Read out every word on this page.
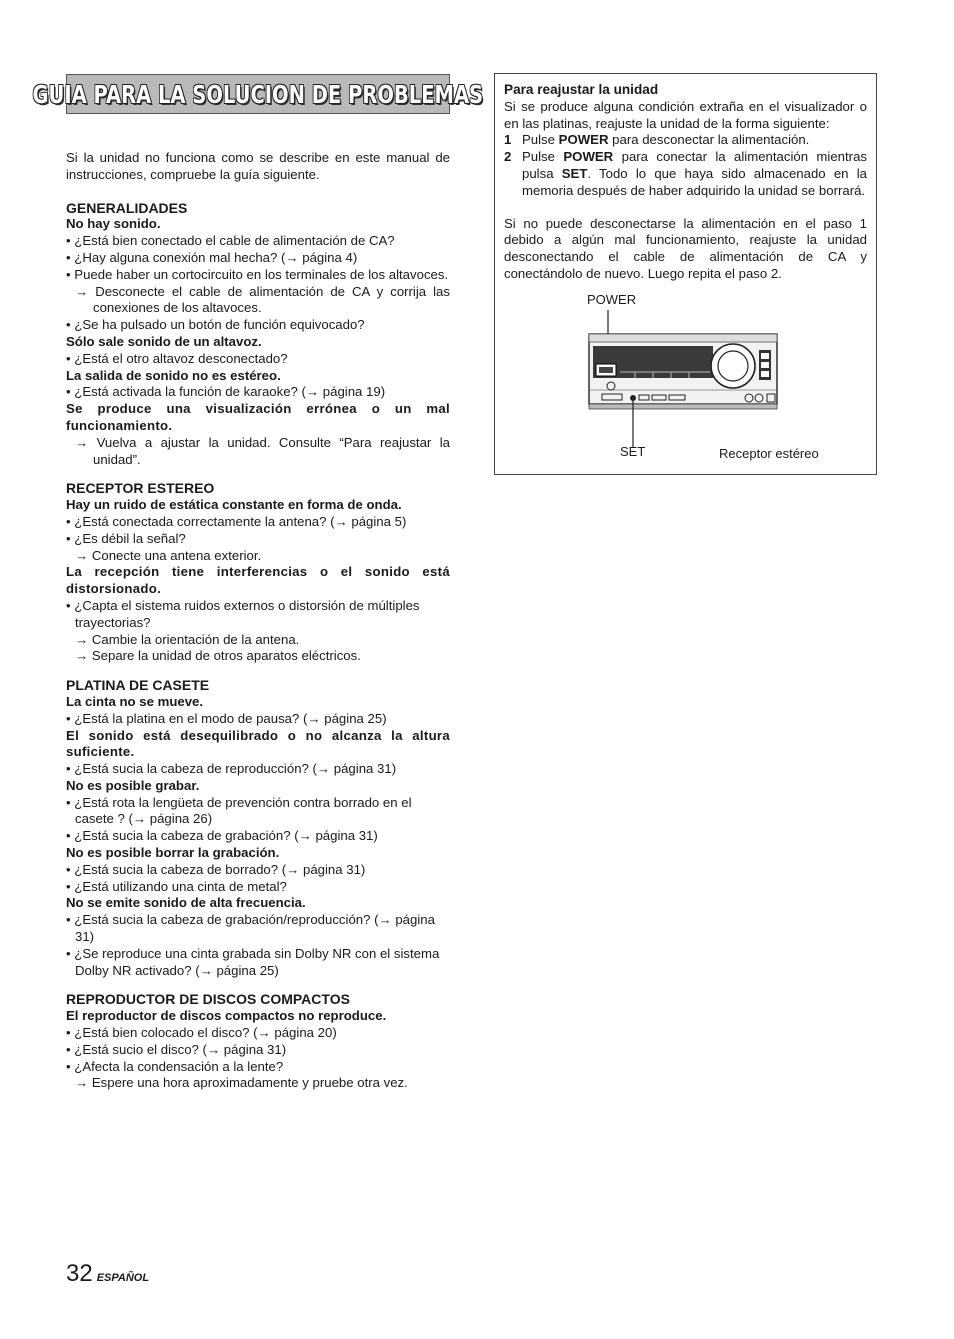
GUIA PARA LA SOLUCION DE PROBLEMAS

Si la unidad no funciona como se describe en este manual de instrucciones, compruebe la guía siguiente.

GENERALIDADES

No hay sonido.

• ¿Está bien conectado el cable de alimentación de CA?

• ¿Hay alguna conexión mal hecha? (→ página 4)

• Puede haber un cortocircuito en los terminales de los altavoces.

→ Desconecte el cable de alimentación de CA y corrija las conexiones de los altavoces.

• ¿Se ha pulsado un botón de función equivocado?

Sólo sale sonido de un altavoz.

• ¿Está el otro altavoz desconectado?

La salida de sonido no es estéreo.

• ¿Está activada la función de karaoke? (→ página 19)

Se produce una visualización errónea o un mal funcionamiento.

→ Vuelva a ajustar la unidad. Consulte “Para reajustar la unidad”.

RECEPTOR ESTEREO

Hay un ruido de estática constante en forma de onda.

• ¿Está conectada correctamente la antena? (→ página 5)

• ¿Es débil la señal?

→ Conecte una antena exterior.

La recepción tiene interferencias o el sonido está distorsionado.

• ¿Capta el sistema ruidos externos o distorsión de múltiples trayectorias?

→ Cambie la orientación de la antena.

→ Separe la unidad de otros aparatos eléctricos.

PLATINA DE CASETE

La cinta no se mueve.

• ¿Está la platina en el modo de pausa? (→ página 25)

El sonido está desequilibrado o no alcanza la altura suficiente.

• ¿Está sucia la cabeza de reproducción? (→ página 31)

No es posible grabar.

• ¿Está rota la lengüeta de prevención contra borrado en el casete ? (→ página 26)

• ¿Está sucia la cabeza de grabación? (→ página 31)

No es posible borrar la grabación.

• ¿Está sucia la cabeza de borrado? (→ página 31)

• ¿Está utilizando una cinta de metal?

No se emite sonido de alta frecuencia.

• ¿Está sucia la cabeza de grabación/reproducción? (→ página 31)

• ¿Se reproduce una cinta grabada sin Dolby NR con el sistema Dolby NR activado? (→ página 25)

REPRODUCTOR DE DISCOS COMPACTOS

El reproductor de discos compactos no reproduce.

• ¿Está bien colocado el disco? (→ página 20)

• ¿Está sucio el disco? (→ página 31)

• ¿Afecta la condensación a la lente?

→ Espere una hora aproximadamente y pruebe otra vez.

Para reajustar la unidad

Si se produce alguna condición extraña en el visualizador o en las platinas, reajuste la unidad de la forma siguiente:

1 Pulse POWER para desconectar la alimentación.

2 Pulse POWER para conectar la alimentación mientras pulsa SET. Todo lo que haya sido almacenado en la memoria después de haber adquirido la unidad se borrará.

Si no puede desconectarse la alimentación en el paso 1 debido a algún mal funcionamiento, reajuste la unidad desconectando el cable de alimentación de CA y conectándolo de nuevo. Luego repita el paso 2.

POWER
SET	Receptor estéreo
32 ESPAÑOL
